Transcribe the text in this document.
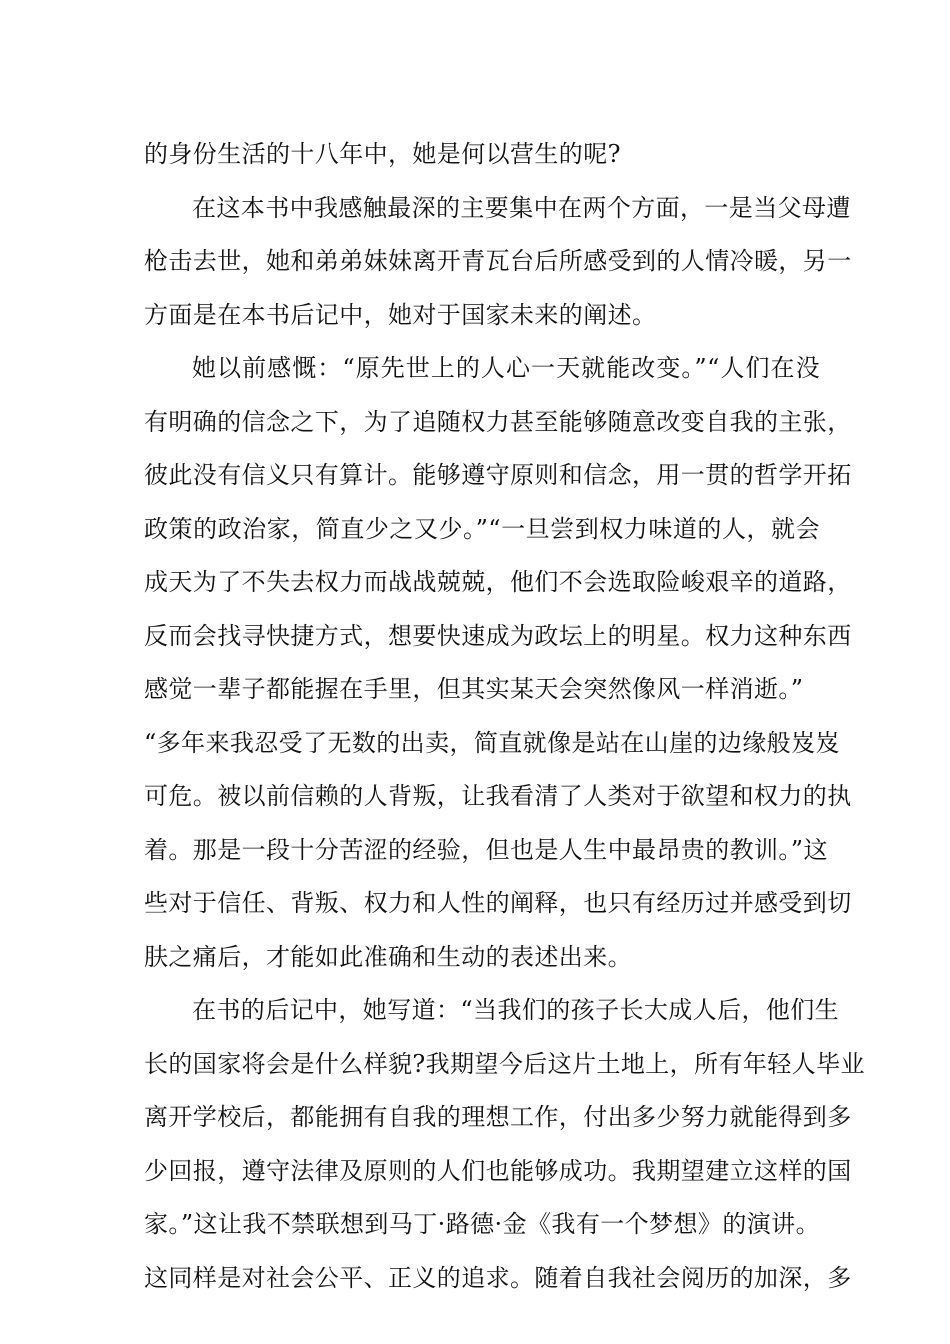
的身份生活的十八年中，她是何以营生的呢?
在这本书中我感触最深的主要集中在两个方面，一是当父母遭
枪击去世，她和弟弟妹妹离开青瓦台后所感受到的人情冷暖，另一
方面是在本书后记中，她对于国家未来的阐述。
她以前感慨：“原先世上的人心一天就能改变。”“人们在没
有明确的信念之下，为了追随权力甚至能够随意改变自我的主张，
彼此没有信义只有算计。能够遵守原则和信念，用一贯的哲学开拓
政策的政治家，简直少之又少。”“一旦尝到权力味道的人，就会
成天为了不失去权力而战战兢兢，他们不会选取险峻艰辛的道路，
反而会找寻快捷方式，想要快速成为政坛上的明星。权力这种东西
感觉一辈子都能握在手里，但其实某天会突然像风一样消逝。”
“多年来我忍受了无数的出卖，简直就像是站在山崖的边缘般岌岌
可危。被以前信赖的人背叛，让我看清了人类对于欲望和权力的执
着。那是一段十分苦涩的经验，但也是人生中最昂贵的教训。”这
些对于信任、背叛、权力和人性的阐释，也只有经历过并感受到切
肤之痛后，才能如此准确和生动的表述出来。
在书的后记中，她写道：“当我们的孩子长大成人后，他们生
长的国家将会是什么样貌?我期望今后这片土地上，所有年轻人毕业
离开学校后，都能拥有自我的理想工作，付出多少努力就能得到多
少回报，遵守法律及原则的人们也能够成功。我期望建立这样的国
家。”这让我不禁联想到马丁·路德·金《我有一个梦想》的演讲。
这同样是对社会公平、正义的追求。随着自我社会阅历的加深，多
